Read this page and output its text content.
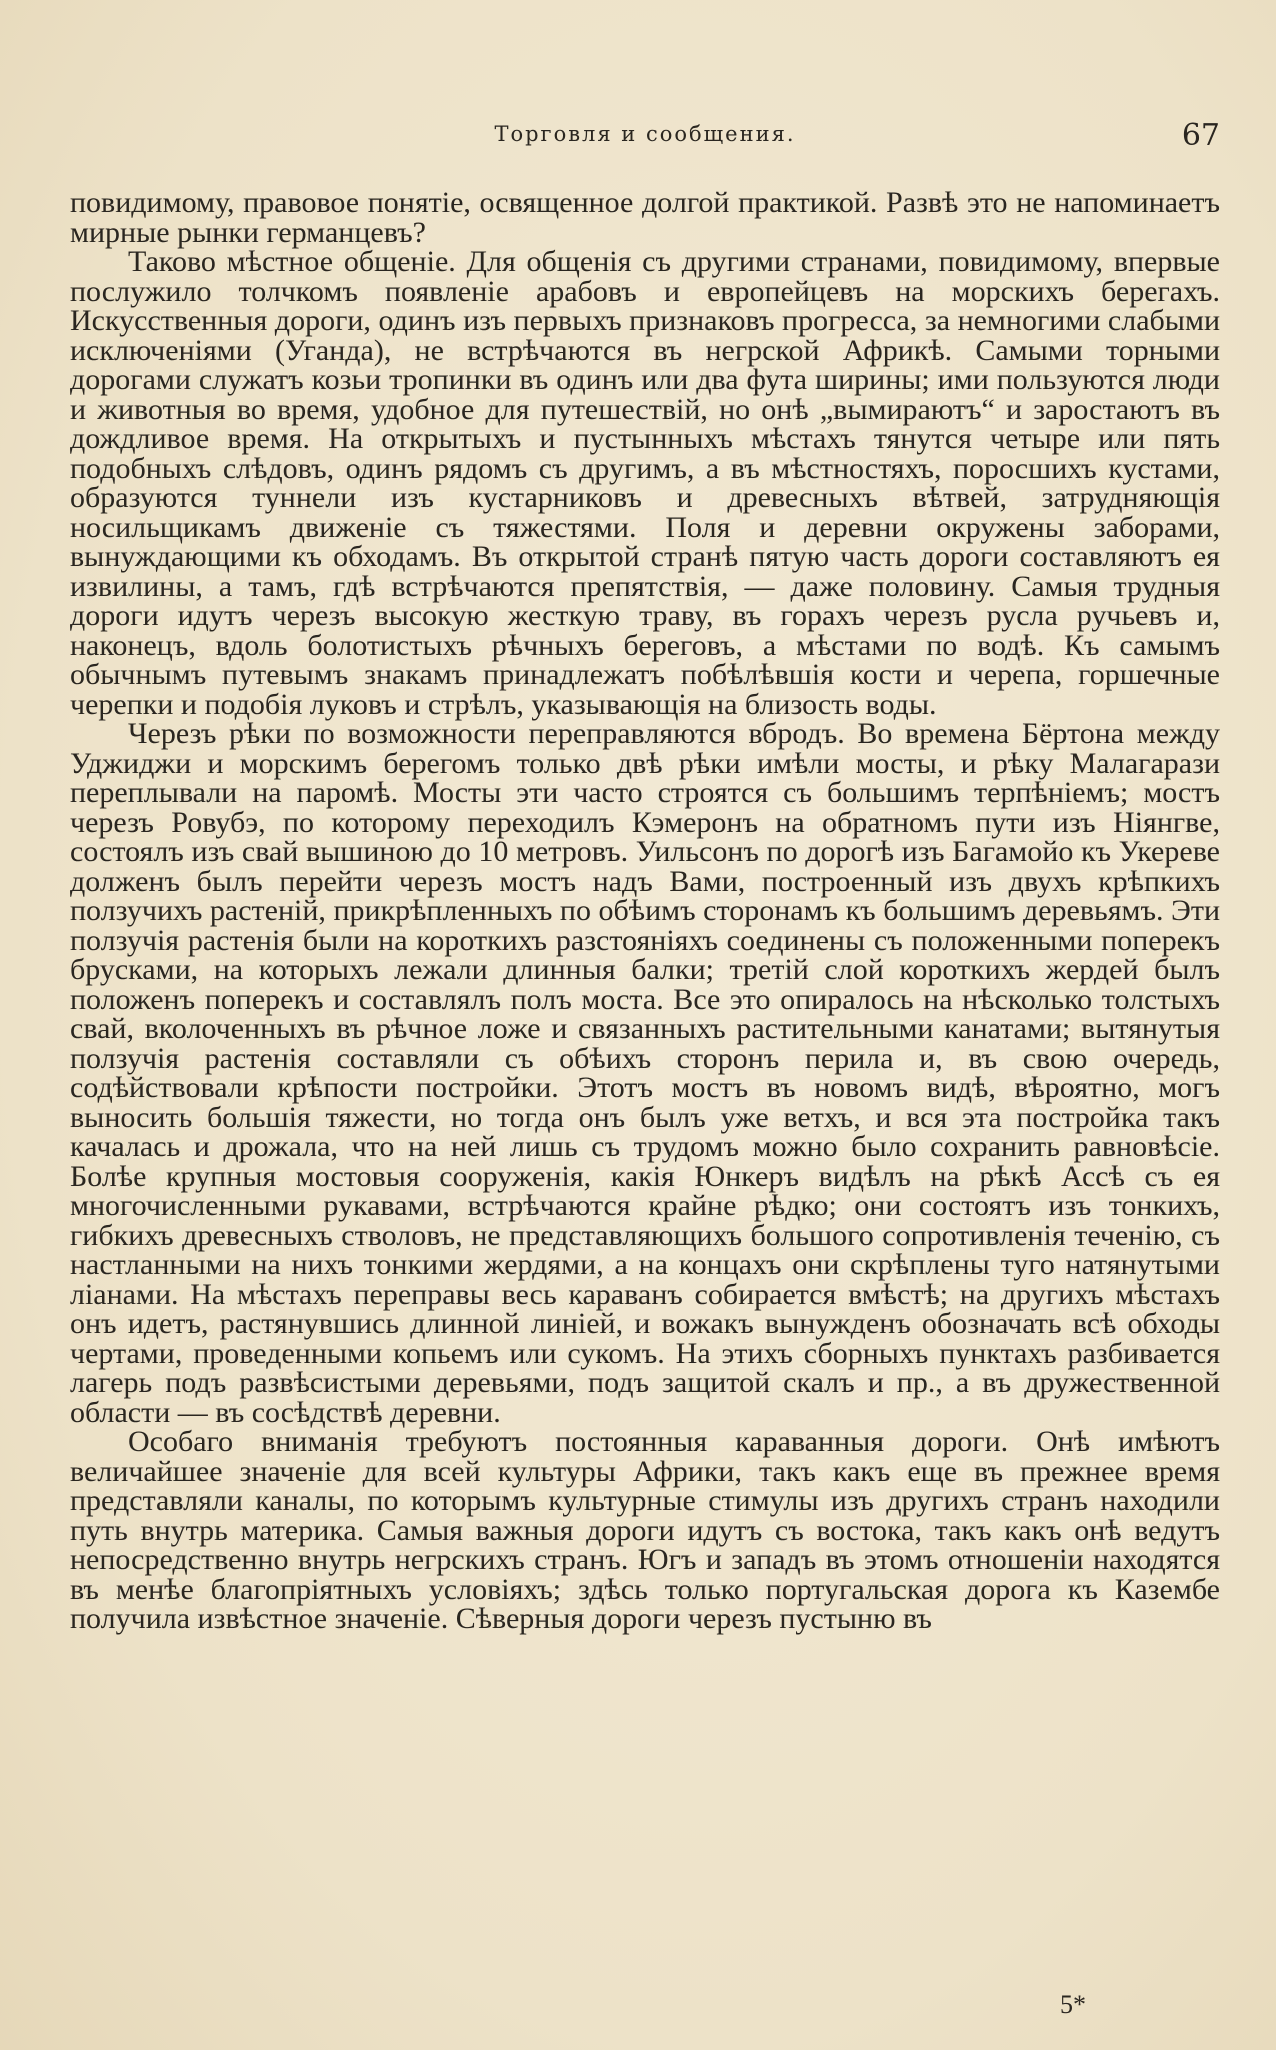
Торговля и сообщения.	67

повидимому, правовое понятіе, освященное долгой практикой. Развѣ это не напоминаетъ мирные рынки германцевъ?

Таково мѣстное общеніе. Для общенія съ другими странами, повидимому, впервые послужило толчкомъ появленіе арабовъ и европейцевъ на морскихъ берегахъ. Искусственныя дороги, одинъ изъ первыхъ признаковъ прогресса, за немногими слабыми исключеніями (Уганда), не встрѣчаются въ негрской Африкѣ. Самыми торными дорогами служатъ козьи тропинки въ одинъ или два фута ширины; ими пользуются люди и животныя во время, удобное для путешествій, но онѣ „вымираютъ“ и заростаютъ въ дождливое время. На открытыхъ и пустынныхъ мѣстахъ тянутся четыре или пять подобныхъ слѣдовъ, одинъ рядомъ съ другимъ, а въ мѣстностяхъ, поросшихъ кустами, образуются туннели изъ кустарниковъ и древесныхъ вѣтвей, затрудняющія носильщикамъ движеніе съ тяжестями. Поля и деревни окружены заборами, вынуждающими къ обходамъ. Въ открытой странѣ пятую часть дороги составляютъ ея извилины, а тамъ, гдѣ встрѣчаются препятствія, — даже половину. Самыя трудныя дороги идутъ черезъ высокую жесткую траву, въ горахъ черезъ русла ручьевъ и, наконецъ, вдоль болотистыхъ рѣчныхъ береговъ, а мѣстами по водѣ. Къ самымъ обычнымъ путевымъ знакамъ принадлежатъ побѣлѣвшія кости и черепа, горшечные черепки и подобія луковъ и стрѣлъ, указывающія на близость воды.

Черезъ рѣки по возможности переправляются вбродъ. Во времена Бёртона между Уджиджи и морскимъ берегомъ только двѣ рѣки имѣли мосты, и рѣку Малагарази переплывали на паромѣ. Мосты эти часто строятся съ большимъ терпѣніемъ; мостъ черезъ Ровубэ, по которому переходилъ Кэмеронъ на обратномъ пути изъ Ніянгве, состоялъ изъ свай вышиною до 10 метровъ. Уильсонъ по дорогѣ изъ Багамойо къ Укереве долженъ былъ перейти черезъ мостъ надъ Вами, построенный изъ двухъ крѣпкихъ ползучихъ растеній, прикрѣпленныхъ по обѣимъ сторонамъ къ большимъ деревьямъ. Эти ползучія растенія были на короткихъ разстояніяхъ соединены съ положенными поперекъ брусками, на которыхъ лежали длинныя балки; третій слой короткихъ жердей былъ положенъ поперекъ и составлялъ полъ моста. Все это опиралось на нѣсколько толстыхъ свай, вколоченныхъ въ рѣчное ложе и связанныхъ растительными канатами; вытянутыя ползучія растенія составляли съ обѣихъ сторонъ перила и, въ свою очередь, содѣйствовали крѣпости постройки. Этотъ мостъ въ новомъ видѣ, вѣроятно, могъ выносить большія тяжести, но тогда онъ былъ уже ветхъ, и вся эта постройка такъ качалась и дрожала, что на ней лишь съ трудомъ можно было сохранить равновѣсіе. Болѣе крупныя мостовыя сооруженія, какія Юнкеръ видѣлъ на рѣкѣ Ассѣ съ ея многочисленными рукавами, встрѣчаются крайне рѣдко; они состоятъ изъ тонкихъ, гибкихъ древесныхъ стволовъ, не представляющихъ большого сопротивленія теченію, съ настланными на нихъ тонкими жердями, а на концахъ они скрѣплены туго натянутыми ліанами. На мѣстахъ переправы весь караванъ собирается вмѣстѣ; на другихъ мѣстахъ онъ идетъ, растянувшись длинной линіей, и вожакъ вынужденъ обозначать всѣ обходы чертами, проведенными копьемъ или сукомъ. На этихъ сборныхъ пунктахъ разбивается лагерь подъ развѣсистыми деревьями, подъ защитой скалъ и пр., а въ дружественной области — въ сосѣдствѣ деревни.

Особаго вниманія требуютъ постоянныя караванныя дороги. Онѣ имѣютъ величайшее значеніе для всей культуры Африки, такъ какъ еще въ прежнее время представляли каналы, по которымъ культурные стимулы изъ другихъ странъ находили путь внутрь материка. Самыя важныя дороги идутъ съ востока, такъ какъ онѣ ведутъ непосредственно внутрь негрскихъ странъ. Югъ и западъ въ этомъ отношеніи находятся въ менѣе благопріятныхъ условіяхъ; здѣсь только португальская дорога къ Казембе получила извѣстное значеніе. Сѣверныя дороги черезъ пустыню въ

5*
